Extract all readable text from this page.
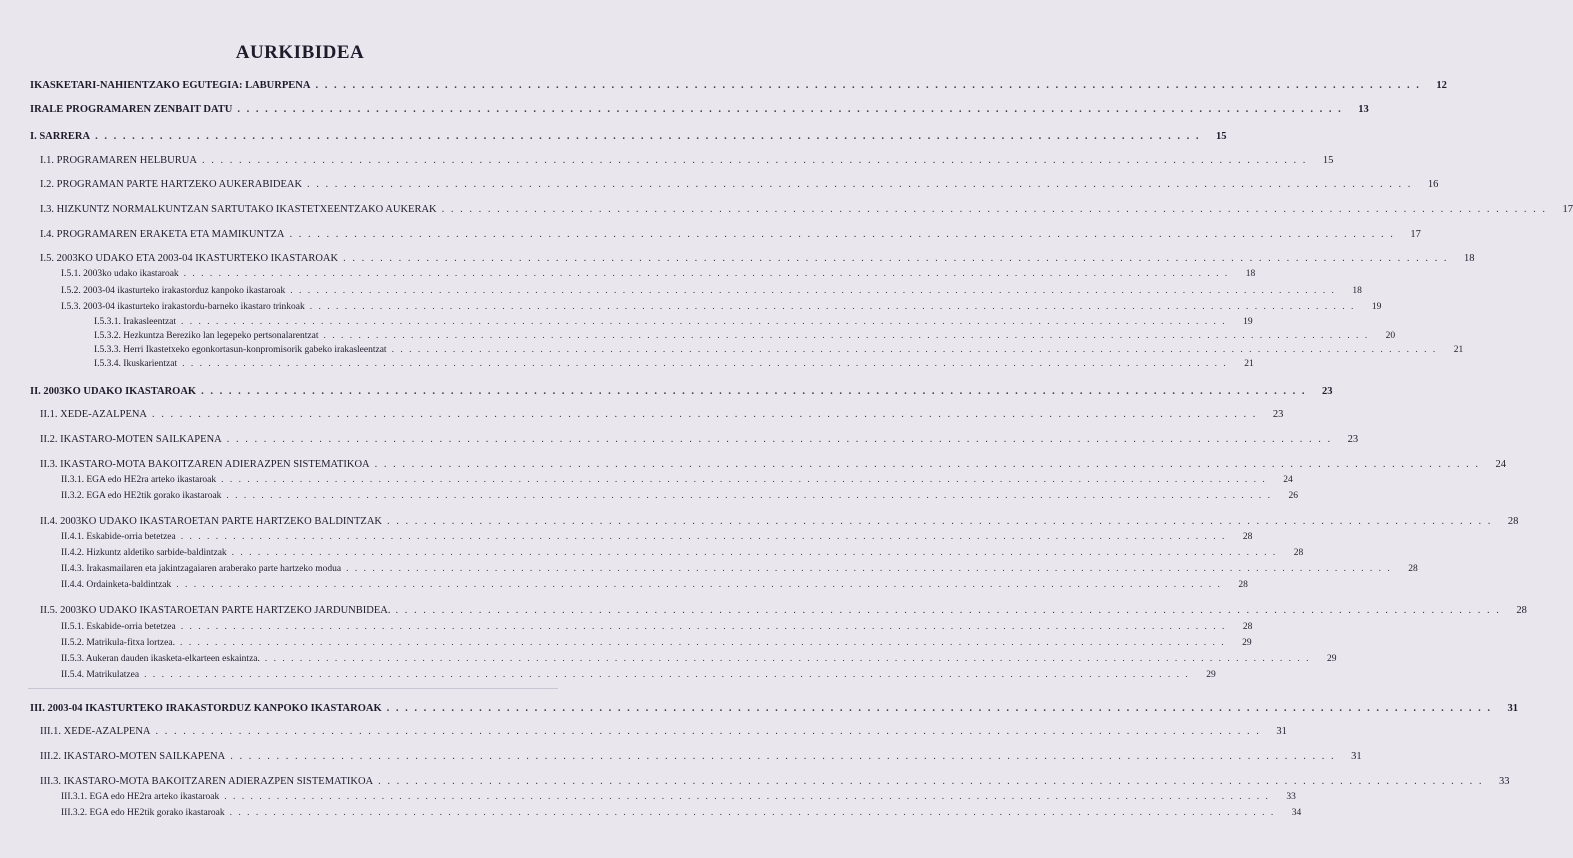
AURKIBIDEA
IKASKETARI-NAHIENTZAKO EGUTEGIA: LABURPENA . . . . . . . . . . . . . . . . . . . . . . . . . . . . . . . . . . . . . . . . . . . . . . . . . . . . . . . . . . . . . . . . . . . . . . . . . . . . . . . . . . . . . . . . . . . . . . . . . . . . . . . . . . . . . . . . . . . . . . . .	12
IRALE PROGRAMAREN ZENBAIT DATU . . . . . . . . . . . . . . . . . . . . . . . . . . . . . . . . . . . . . . . . . . . . . . . . . . . . . . . . . . . . . . . . . . . . . . . . . . . . . . . . . . . . . . . . . . . . . . . . . . . . . . . . . . . . . . . . . . . . . . . .	13
I. SARRERA . . . . . . . . . . . . . . . . . . . . . . . . . . . . . . . . . . . . . . . . . . . . . . . . . . . . . . . . . . . . . . . . . . . . . . . . . . . . . . . . . . . . . . . . . . . . . . . . . . . . . . . . . . . . . . . . . . . . . . . .	15
I.1. PROGRAMAREN HELBURUA . . . . . . . . . . . . . . . . . . . . . . . . . . . . . . . . . . . . . . . . . . . . . . . . . . . . . . . . . . . . . . . . . . . . . . . . . . . . . . . . . . . . . . . . . . . . . . . . . . . . . . . . . . . . . . . . . . . . . . . .	15
I.2. PROGRAMAN PARTE HARTZEKO AUKERABIDEAK . . . . . . . . . . . . . . . . . . . . . . . . . . . . . . . . . . . . . . . . . . . . . . . . . . . . . . . . . . . . . . . . . . . . . . . . . . . . . . . . . . . . . . . . . . . . . . . . . . . . . . . . . . . . . . . . . . . . . . . .	16
I.3. HIZKUNTZ NORMALKUNTZAN SARTUTAKO IKASTETXEENTZAKO AUKERAK . . . . . . . . . . . . . . . . . . . . . . . . . . . . . . . . . . . . . . . . . . . . . . . . . . . . . . . . . . . . . . . . . . . . . . . . . . . . . . . . . . . . . . . . . . . . . . . . . . . . . . . . . . . . . . . . . . . . . . . .	17
I.4. PROGRAMAREN ERAKETA ETA MAMIKUNTZA . . . . . . . . . . . . . . . . . . . . . . . . . . . . . . . . . . . . . . . . . . . . . . . . . . . . . . . . . . . . . . . . . . . . . . . . . . . . . . . . . . . . . . . . . . . . . . . . . . . . . . . . . . . . . . . . . . . . . . . .	17
I.5. 2003KO UDAKO ETA 2003-04 IKASTURTEKO IKASTAROAK . . . . . . . . . . . . . . . . . . . . . . . . . . . . . . . . . . . . . . . . . . . . . . . . . . . . . . . . . . . . . . . . . . . . . . . . . . . . . . . . . . . . . . . . . . . . . . . . . . . . . . . . . . . . . . . . . . . . . . . .	18
I.5.1. 2003ko udako ikastaroak . . . . . . . . . . . . . . . . . . . . . . . . . . . . . . . . . . . . . . . . . . . . . . . . . . . . . . . . . . . . . . . . . . . . . . . . . . . . . . . . . . . . . . . . . . . . . . . . . . . . . . . . . . . . . . . . . . . . . . . .	18
I.5.2. 2003-04 ikasturteko irakastorduz kanpoko ikastaroak . . . . . . . . . . . . . . . . . . . . . . . . . . . . . . . . . . . . . . . . . . . . . . . . . . . . . . . . . . . . . . . . . . . . . . . . . . . . . . . . . . . . . . . . . . . . . . . . . . . . . . . . . . . . . . . . . . . . . . . .	18
I.5.3. 2003-04 ikasturteko irakastordu-barneko ikastaro trinkoak . . . . . . . . . . . . . . . . . . . . . . . . . . . . . . . . . . . . . . . . . . . . . . . . . . . . . . . . . . . . . . . . . . . . . . . . . . . . . . . . . . . . . . . . . . . . . . . . . . . . . . . . . . . . . . . . . . . . . . . .	19
I.5.3.1. Irakasleentzat . . . . . . . . . . . . . . . . . . . . . . . . . . . . . . . . . . . . . . . . . . . . . . . . . . . . . . . . . . . . . . . . . . . . . . . . . . . . . . . . . . . . . . . . . . . . . . . . . . . . . . . . . . . . . . . . . . . . . . . .	19
I.5.3.2. Hezkuntza Bereziko lan legepeko pertsonalarentzat . . . . . . . . . . . . . . . . . . . . . . . . . . . . . . . . . . . . . . . . . . . . . . . . . . . . . . . . . . . . . . . . . . . . . . . . . . . . . . . . . . . . . . . . . . . . . . . . . . . . . . . . . . . . . . . . . . . . . . . .	20
I.5.3.3. Herri Ikastetxeko egonkortasun-konpromisorik gabeko irakasleentzat . . . . . . . . . . . . . . . . . . . . . . . . . . . . . . . . . . . . . . . . . . . . . . . . . . . . . . . . . . . . . . . . . . . . . . . . . . . . . . . . . . . . . . . . . . . . . . . . . . . . . . . . . . . . . . . . . . . . . . . .	21
I.5.3.4. Ikuskarientzat . . . . . . . . . . . . . . . . . . . . . . . . . . . . . . . . . . . . . . . . . . . . . . . . . . . . . . . . . . . . . . . . . . . . . . . . . . . . . . . . . . . . . . . . . . . . . . . . . . . . . . . . . . . . . . . . . . . . . . . .	21
II. 2003KO UDAKO IKASTAROAK . . . . . . . . . . . . . . . . . . . . . . . . . . . . . . . . . . . . . . . . . . . . . . . . . . . . . . . . . . . . . . . . . . . . . . . . . . . . . . . . . . . . . . . . . . . . . . . . . . . . . . . . . . . . . . . . . . . . . . . .	23
II.1. XEDE-AZALPENA . . . . . . . . . . . . . . . . . . . . . . . . . . . . . . . . . . . . . . . . . . . . . . . . . . . . . . . . . . . . . . . . . . . . . . . . . . . . . . . . . . . . . . . . . . . . . . . . . . . . . . . . . . . . . . . . . . . . . . . .	23
II.2. IKASTARO-MOTEN SAILKAPENA . . . . . . . . . . . . . . . . . . . . . . . . . . . . . . . . . . . . . . . . . . . . . . . . . . . . . . . . . . . . . . . . . . . . . . . . . . . . . . . . . . . . . . . . . . . . . . . . . . . . . . . . . . . . . . . . . . . . . . . .	23
II.3. IKASTARO-MOTA BAKOITZAREN ADIERAZPEN SISTEMATIKOA . . . . . . . . . . . . . . . . . . . . . . . . . . . . . . . . . . . . . . . . . . . . . . . . . . . . . . . . . . . . . . . . . . . . . . . . . . . . . . . . . . . . . . . . . . . . . . . . . . . . . . . . . . . . . . . . . . . . . . . .	24
II.3.1. EGA edo HE2ra arteko ikastaroak . . . . . . . . . . . . . . . . . . . . . . . . . . . . . . . . . . . . . . . . . . . . . . . . . . . . . . . . . . . . . . . . . . . . . . . . . . . . . . . . . . . . . . . . . . . . . . . . . . . . . . . . . . . . . . . . . . . . . . . .	24
II.3.2. EGA edo HE2tik gorako ikastaroak . . . . . . . . . . . . . . . . . . . . . . . . . . . . . . . . . . . . . . . . . . . . . . . . . . . . . . . . . . . . . . . . . . . . . . . . . . . . . . . . . . . . . . . . . . . . . . . . . . . . . . . . . . . . . . . . . . . . . . . .	26
II.4. 2003KO UDAKO IKASTAROETAN PARTE HARTZEKO BALDINTZAK . . . . . . . . . . . . . . . . . . . . . . . . . . . . . . . . . . . . . . . . . . . . . . . . . . . . . . . . . . . . . . . . . . . . . . . . . . . . . . . . . . . . . . . . . . . . . . . . . . . . . . . . . . . . . . . . . . . . . . . .	28
II.4.1. Eskabide-orria betetzea . . . . . . . . . . . . . . . . . . . . . . . . . . . . . . . . . . . . . . . . . . . . . . . . . . . . . . . . . . . . . . . . . . . . . . . . . . . . . . . . . . . . . . . . . . . . . . . . . . . . . . . . . . . . . . . . . . . . . . . .	28
II.4.2. Hizkuntz aldetiko sarbide-baldintzak . . . . . . . . . . . . . . . . . . . . . . . . . . . . . . . . . . . . . . . . . . . . . . . . . . . . . . . . . . . . . . . . . . . . . . . . . . . . . . . . . . . . . . . . . . . . . . . . . . . . . . . . . . . . . . . . . . . . . . . .	28
II.4.3. Irakasmailaren eta jakintzagaiaren araberako parte hartzeko modua . . . . . . . . . . . . . . . . . . . . . . . . . . . . . . . . . . . . . . . . . . . . . . . . . . . . . . . . . . . . . . . . . . . . . . . . . . . . . . . . . . . . . . . . . . . . . . . . . . . . . . . . . . . . . . . . . . . . . . . .	28
II.4.4. Ordainketa-baldintzak . . . . . . . . . . . . . . . . . . . . . . . . . . . . . . . . . . . . . . . . . . . . . . . . . . . . . . . . . . . . . . . . . . . . . . . . . . . . . . . . . . . . . . . . . . . . . . . . . . . . . . . . . . . . . . . . . . . . . . . .	28
II.5. 2003KO UDAKO IKASTAROETAN PARTE HARTZEKO JARDUNBIDEA. . . . . . . . . . . . . . . . . . . . . . . . . . . . . . . . . . . . . . . . . . . . . . . . . . . . . . . . . . . . . . . . . . . . . . . . . . . . . . . . . . . . . . . . . . . . . . . . . . . . . . . . . . . . . . . . . . . . . . . . .	28
II.5.1. Eskabide-orria betetzea . . . . . . . . . . . . . . . . . . . . . . . . . . . . . . . . . . . . . . . . . . . . . . . . . . . . . . . . . . . . . . . . . . . . . . . . . . . . . . . . . . . . . . . . . . . . . . . . . . . . . . . . . . . . . . . . . . . . . . . .	28
II.5.2. Matrikula-fitxa lortzea. . . . . . . . . . . . . . . . . . . . . . . . . . . . . . . . . . . . . . . . . . . . . . . . . . . . . . . . . . . . . . . . . . . . . . . . . . . . . . . . . . . . . . . . . . . . . . . . . . . . . . . . . . . . . . . . . . . . . . . . .	29
II.5.3. Aukeran dauden ikasketa-elkarteen eskaintza. . . . . . . . . . . . . . . . . . . . . . . . . . . . . . . . . . . . . . . . . . . . . . . . . . . . . . . . . . . . . . . . . . . . . . . . . . . . . . . . . . . . . . . . . . . . . . . . . . . . . . . . . . . . . . . . . . . . . . . . .	29
II.5.4. Matrikulatzea . . . . . . . . . . . . . . . . . . . . . . . . . . . . . . . . . . . . . . . . . . . . . . . . . . . . . . . . . . . . . . . . . . . . . . . . . . . . . . . . . . . . . . . . . . . . . . . . . . . . . . . . . . . . . . . . . . . . . . . .	29
III. 2003-04 IKASTURTEKO IRAKASTORDUZ KANPOKO IKASTAROAK . . . . . . . . . . . . . . . . . . . . . . . . . . . . . . . . . . . . . . . . . . . . . . . . . . . . . . . . . . . . . . . . . . . . . . . . . . . . . . . . . . . . . . . . . . . . . . . . . . . . . . . . . . . . . . . . . . . . . . . .	31
III.1. XEDE-AZALPENA . . . . . . . . . . . . . . . . . . . . . . . . . . . . . . . . . . . . . . . . . . . . . . . . . . . . . . . . . . . . . . . . . . . . . . . . . . . . . . . . . . . . . . . . . . . . . . . . . . . . . . . . . . . . . . . . . . . . . . . .	31
III.2. IKASTARO-MOTEN SAILKAPENA . . . . . . . . . . . . . . . . . . . . . . . . . . . . . . . . . . . . . . . . . . . . . . . . . . . . . . . . . . . . . . . . . . . . . . . . . . . . . . . . . . . . . . . . . . . . . . . . . . . . . . . . . . . . . . . . . . . . . . . .	31
III.3. IKASTARO-MOTA BAKOITZAREN ADIERAZPEN SISTEMATIKOA . . . . . . . . . . . . . . . . . . . . . . . . . . . . . . . . . . . . . . . . . . . . . . . . . . . . . . . . . . . . . . . . . . . . . . . . . . . . . . . . . . . . . . . . . . . . . . . . . . . . . . . . . . . . . . . . . . . . . . . .	33
III.3.1. EGA edo HE2ra arteko ikastaroak . . . . . . . . . . . . . . . . . . . . . . . . . . . . . . . . . . . . . . . . . . . . . . . . . . . . . . . . . . . . . . . . . . . . . . . . . . . . . . . . . . . . . . . . . . . . . . . . . . . . . . . . . . . . . . . . . . . . . . . .	33
III.3.2. EGA edo HE2tik gorako ikastaroak . . . . . . . . . . . . . . . . . . . . . . . . . . . . . . . . . . . . . . . . . . . . . . . . . . . . . . . . . . . . . . . . . . . . . . . . . . . . . . . . . . . . . . . . . . . . . . . . . . . . . . . . . . . . . . . . . . . . . . . .	34
